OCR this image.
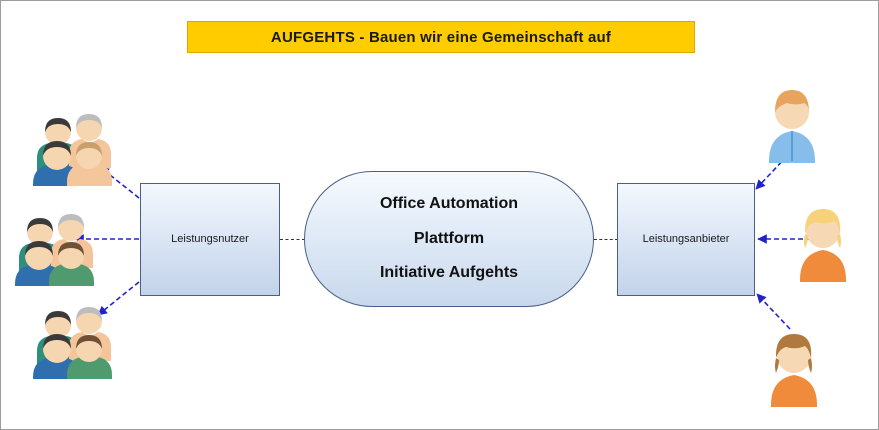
AUFGEHTS - Bauen wir eine Gemeinschaft auf
Leistungsnutzer	Leistungsanbieter
Office Automation
Plattform
Initiative Aufgehts
